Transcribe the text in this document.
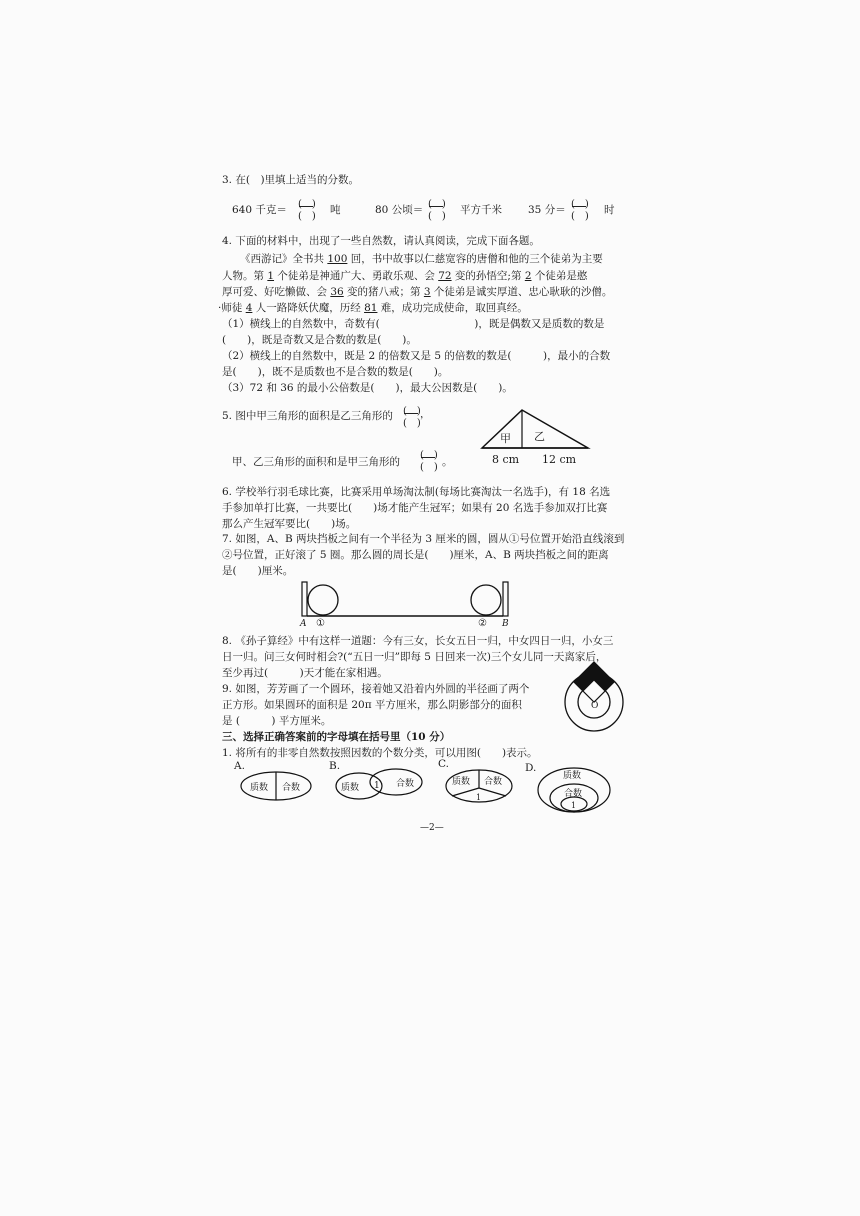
3. 在(　)里填上适当的分数。
640 千克＝ (　)
(　)
吨	80 公顷＝ (　)
(　)
平方千米 35 分＝ (　)
(　)
时
4. 下面的材料中，出现了一些自然数，请认真阅读，完成下面各题。
《西游记》全书共 100 回，书中故事以仁慈宽容的唐僧和他的三个徒弟为主要
人物。第 1 个徒弟是神通广大、勇敢乐观、会 72 变的孙悟空;第 2 个徒弟是憨
厚可爱、好吃懒做、会 36 变的猪八戒；第 3 个徒弟是诚实厚道、忠心耿耿的沙僧。
·师徒 4 人一路降妖伏魔，历经 81 难，成功完成使命，取回真经。
（1）横线上的自然数中，奇数有(　　　　　　　　　)，既是偶数又是质数的数是
(　　)，既是奇数又是合数的数是(　　)。
（2）横线上的自然数中，既是 2 的倍数又是 5 的倍数的数是(　　　)，最小的合数
是(　　)，既不是质数也不是合数的数是(　　)。
（3）72 和 36 的最小公倍数是(　　)，最大公因数是(　　)。
5. 图中甲三角形的面积是乙三角形的 (　)
(　)
，
甲、乙三角形的面积和是甲三角形的
(　)
(　) 。
甲 乙
8 cm 12 cm
6. 学校举行羽毛球比赛，比赛采用单场淘汰制(每场比赛淘汰一名选手)，有 18 名选
手参加单打比赛，一共要比(　　)场才能产生冠军；如果有 20 名选手参加双打比赛
那么产生冠军要比(　　)场。
7. 如图，A、B 两块挡板之间有一个半径为 3 厘米的圆，圆从①号位置开始沿直线滚到
②号位置，正好滚了 5 圈。那么圆的周长是(　　)厘米，A、B 两块挡板之间的距离
是(　　)厘米。
A ①	② B
8. 《孙子算经》中有这样一道题：今有三女，长女五日一归，中女四日一归，小女三
日一归。问三女何时相会?(“五日一归”即每 5 日回来一次)三个女儿同一天离家后，
至少再过(　　　)天才能在家相遇。
9. 如图，芳芳画了一个圆环，接着她又沿着内外圆的半径画了两个
正方形。如果圆环的面积是 20π 平方厘米，那么阴影部分的面积
是 (　　　) 平方厘米。
O
三、选择正确答案前的字母填在括号里（10 分）
1. 将所有的非零自然数按照因数的个数分类，可以用图(　　)表示。
A.
质数 合数
B.
质数 1 合数
C.
质数 合数
1
D.
质数
合数
1
—2—
